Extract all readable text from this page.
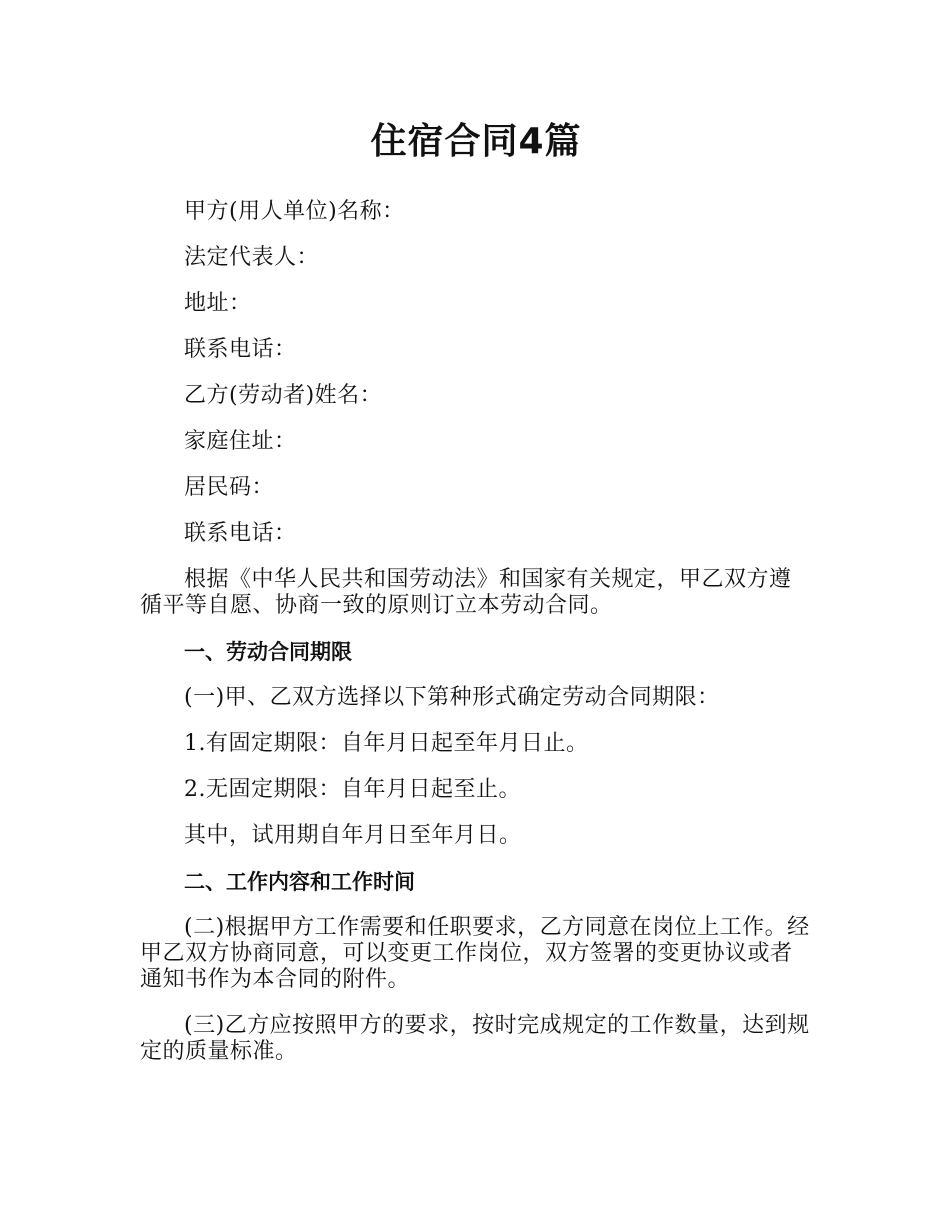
住宿合同4篇
甲方(用人单位)名称：
法定代表人：
地址：
联系电话：
乙方(劳动者)姓名：
家庭住址：
居民码：
联系电话：
根据《中华人民共和国劳动法》和国家有关规定，甲乙双方遵循平等自愿、协商一致的原则订立本劳动合同。
一、劳动合同期限
(一)甲、乙双方选择以下第种形式确定劳动合同期限：
1.有固定期限：自年月日起至年月日止。
2.无固定期限：自年月日起至止。
其中，试用期自年月日至年月日。
二、工作内容和工作时间
(二)根据甲方工作需要和任职要求，乙方同意在岗位上工作。经甲乙双方协商同意，可以变更工作岗位，双方签署的变更协议或者通知书作为本合同的附件。
(三)乙方应按照甲方的要求，按时完成规定的工作数量，达到规定的质量标准。
